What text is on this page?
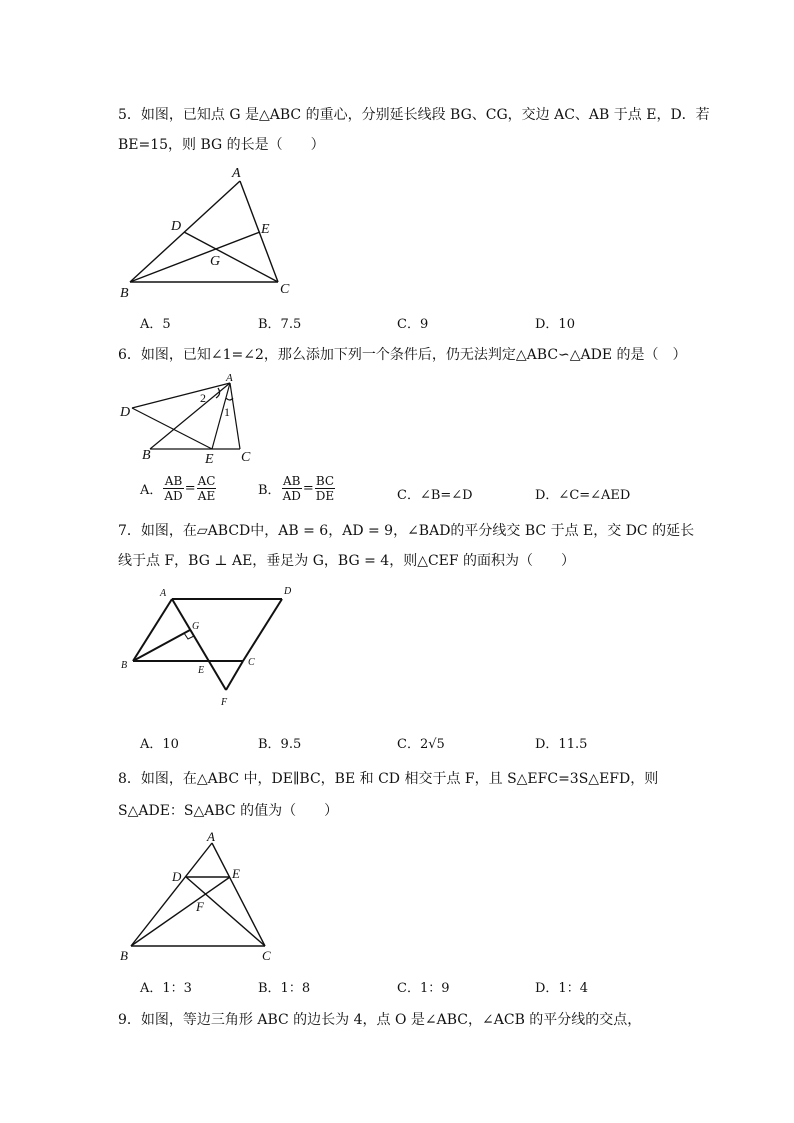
5．如图，已知点 G 是△ABC 的重心，分别延长线段 BG、CG，交边 AC、AB 于点 E，D．若
BE=15，则 BG 的长是（　　）
A
B	C
D	E
G
A．5	B．7.5	C．9	D．10
6．如图，已知∠1=∠2，那么添加下列一个条件后，仍无法判定△ABC∽△ADE 的是（　）
A
D
B	E C
1
2
A． $\frac{AB}{AD} = \frac{AC}{AE}$	B． $\frac{AB}{AD} = \frac{BC}{DE}$	C．∠B=∠D	D．∠C=∠AED
7．如图，在▱ABCD中，AB = 6，AD = 9，∠BAD的平分线交 BC 于点 E，交 DC 的延长
线于点 F，BG ⊥ AE，垂足为 G，BG = 4，则△CEF 的面积为（　　）
A	D
B	C
E
G
F
A．10	B．9.5	C．2√5	D．11.5
8．如图，在△ABC 中，DE∥BC，BE 和 CD 相交于点 F，且 S△EFC=3S△EFD，则
S△ADE：S△ABC 的值为（　　）
A
D	E
F
B	C
A．1：3	B．1：8	C．1：9	D．1：4
9．如图，等边三角形 ABC 的边长为 4，点 O 是∠ABC，∠ACB 的平分线的交点，
